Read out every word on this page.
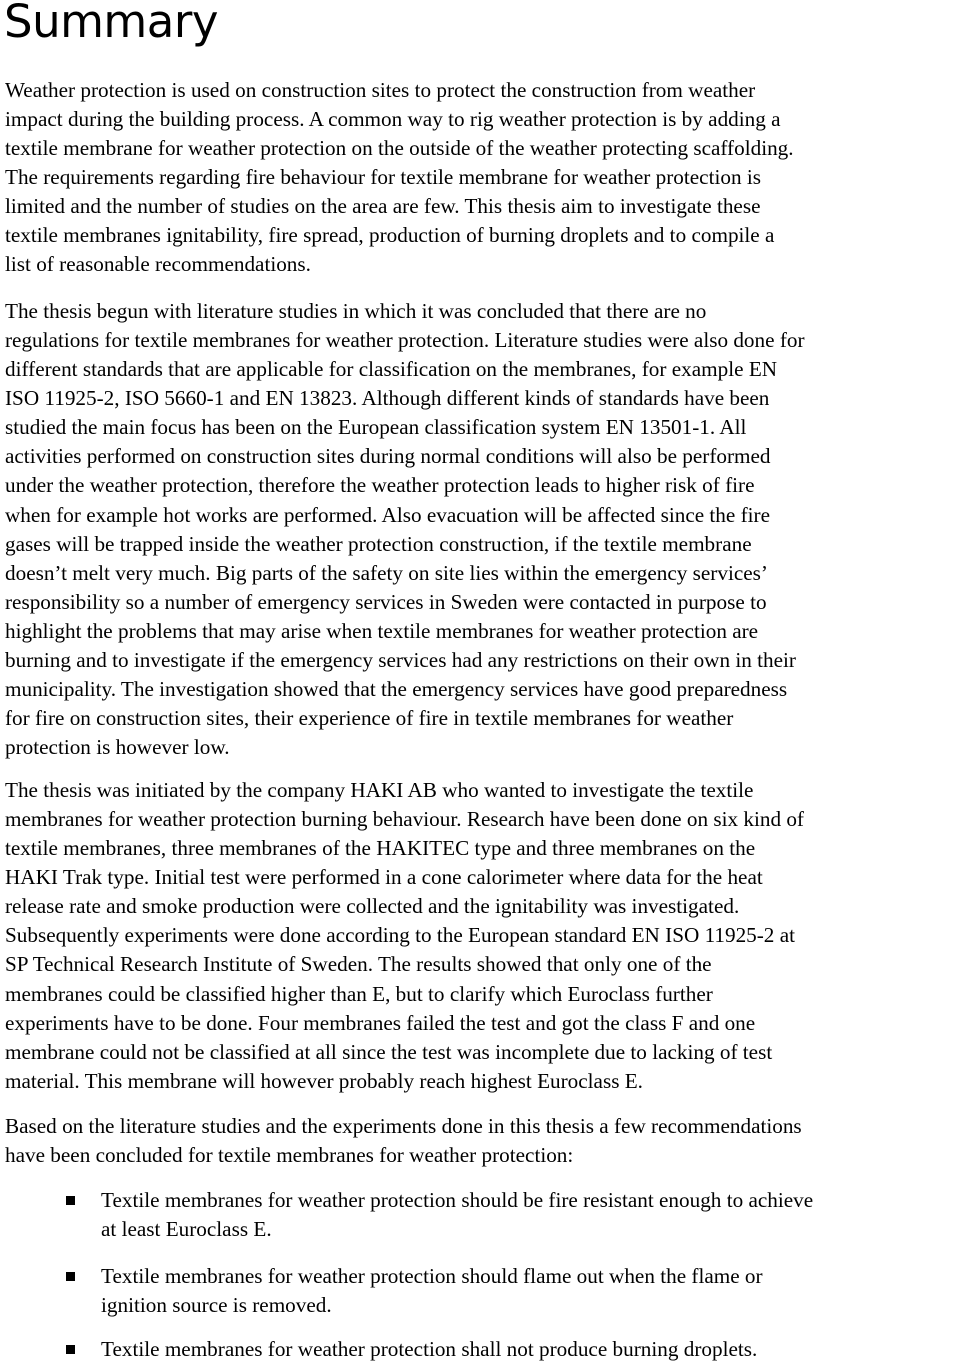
Summary

Weather protection is used on construction sites to protect the construction from weather
impact during the building process. A common way to rig weather protection is by adding a
textile membrane for weather protection on the outside of the weather protecting scaffolding.
The requirements regarding fire behaviour for textile membrane for weather protection is
limited and the number of studies on the area are few. This thesis aim to investigate these
textile membranes ignitability, fire spread, production of burning droplets and to compile a
list of reasonable recommendations.

The thesis begun with literature studies in which it was concluded that there are no
regulations for textile membranes for weather protection. Literature studies were also done for
different standards that are applicable for classification on the membranes, for example EN
ISO 11925-2, ISO 5660-1 and EN 13823. Although different kinds of standards have been
studied the main focus has been on the European classification system EN 13501-1. All
activities performed on construction sites during normal conditions will also be performed
under the weather protection, therefore the weather protection leads to higher risk of fire
when for example hot works are performed. Also evacuation will be affected since the fire
gases will be trapped inside the weather protection construction, if the textile membrane
doesn’t melt very much. Big parts of the safety on site lies within the emergency services’
responsibility so a number of emergency services in Sweden were contacted in purpose to
highlight the problems that may arise when textile membranes for weather protection are
burning and to investigate if the emergency services had any restrictions on their own in their
municipality. The investigation showed that the emergency services have good preparedness
for fire on construction sites, their experience of fire in textile membranes for weather
protection is however low.

The thesis was initiated by the company HAKI AB who wanted to investigate the textile
membranes for weather protection burning behaviour. Research have been done on six kind of
textile membranes, three membranes of the HAKITEC type and three membranes on the
HAKI Trak type. Initial test were performed in a cone calorimeter where data for the heat
release rate and smoke production were collected and the ignitability was investigated.
Subsequently experiments were done according to the European standard EN ISO 11925-2 at
SP Technical Research Institute of Sweden. The results showed that only one of the
membranes could be classified higher than E, but to clarify which Euroclass further
experiments have to be done. Four membranes failed the test and got the class F and one
membrane could not be classified at all since the test was incomplete due to lacking of test
material. This membrane will however probably reach highest Euroclass E.

Based on the literature studies and the experiments done in this thesis a few recommendations
have been concluded for textile membranes for weather protection:

Textile membranes for weather protection should be fire resistant enough to achieve
at least Euroclass E.
Textile membranes for weather protection should flame out when the flame or
ignition source is removed.
Textile membranes for weather protection shall not produce burning droplets.
